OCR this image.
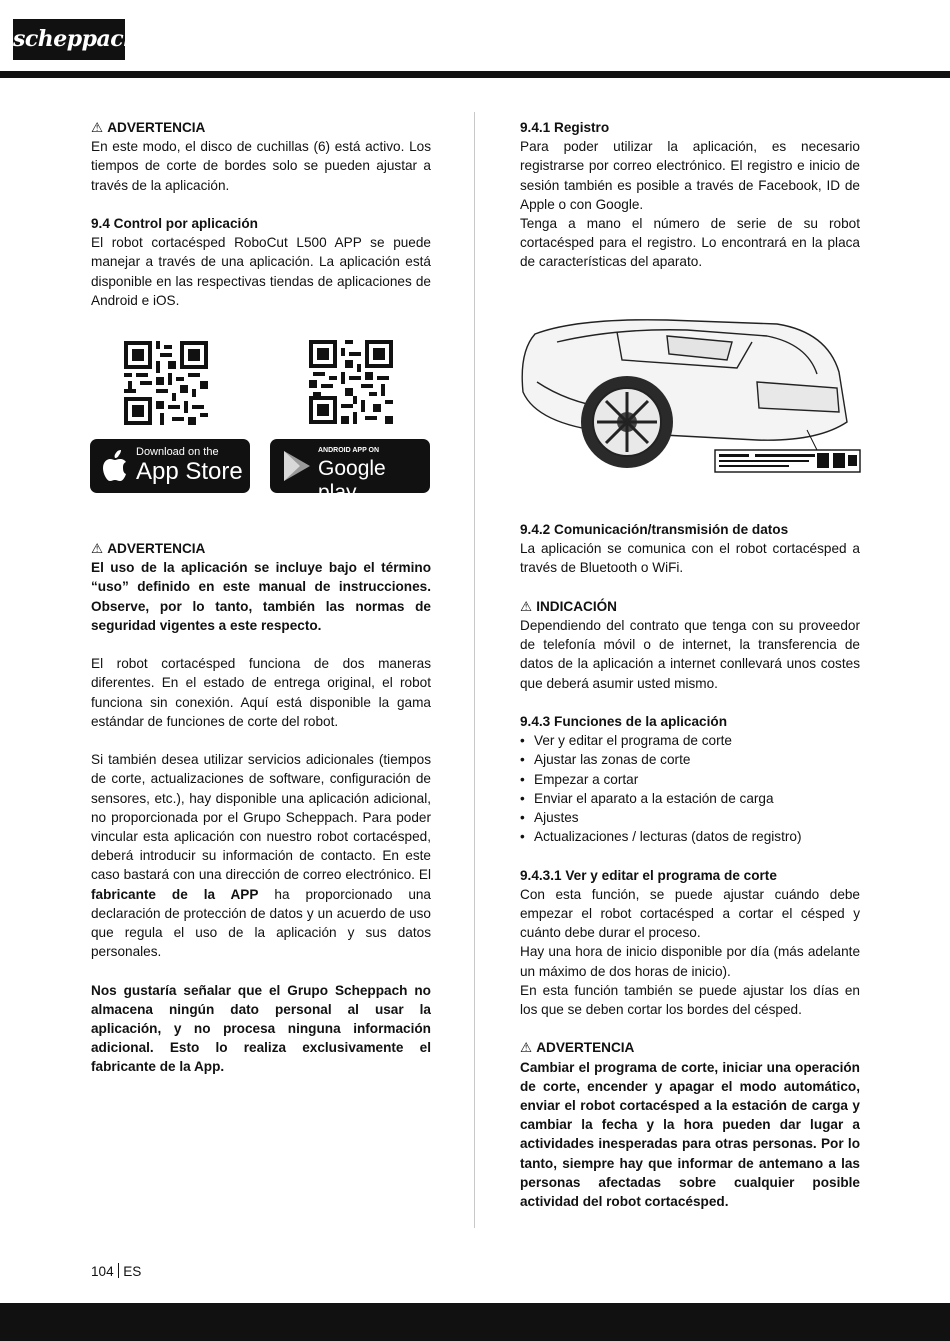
scheppach

⚠ ADVERTENCIA

En este modo, el disco de cuchillas (6) está activo. Los tiempos de corte de bordes solo se pueden ajustar a través de la aplicación.

9.4 Control por aplicación

El robot cortacésped RoboCut L500 APP se puede manejar a través de una aplicación. La aplicación está disponible en las respectivas tiendas de aplicaciones de Android e iOS.

Download on the
App Store
ANDROID APP ON
Google play

⚠ ADVERTENCIA

El uso de la aplicación se incluye bajo el término “uso” definido en este manual de instrucciones. Observe, por lo tanto, también las normas de seguridad vigentes a este respecto.

El robot cortacésped funciona de dos maneras diferentes. En el estado de entrega original, el robot funciona sin conexión. Aquí está disponible la gama estándar de funciones de corte del robot.

Si también desea utilizar servicios adicionales (tiempos de corte, actualizaciones de software, configuración de sensores, etc.), hay disponible una aplicación adicional, no proporcionada por el Grupo Scheppach. Para poder vincular esta aplicación con nuestro robot cortacésped, deberá introducir su información de contacto. En este caso bastará con una dirección de correo electrónico. El fabricante de la APP ha proporcionado una declaración de protección de datos y un acuerdo de uso que regula el uso de la aplicación y sus datos personales.

Nos gustaría señalar que el Grupo Scheppach no almacena ningún dato personal al usar la aplicación, y no procesa ninguna información adicional. Esto lo realiza exclusivamente el fabricante de la App.

9.4.1 Registro

Para poder utilizar la aplicación, es necesario registrarse por correo electrónico. El registro e inicio de sesión también es posible a través de Facebook, ID de Apple o con Google.

Tenga a mano el número de serie de su robot cortacésped para el registro. Lo encontrará en la placa de características del aparato.

9.4.2 Comunicación/transmisión de datos

La aplicación se comunica con el robot cortacésped a través de Bluetooth o WiFi.

⚠ INDICACIÓN

Dependiendo del contrato que tenga con su proveedor de telefonía móvil o de internet, la transferencia de datos de la aplicación a internet conllevará unos costes que deberá asumir usted mismo.

9.4.3 Funciones de la aplicación

• Ver y editar el programa de corte
• Ajustar las zonas de corte
• Empezar a cortar
• Enviar el aparato a la estación de carga
• Ajustes
• Actualizaciones / lecturas (datos de registro)

9.4.3.1 Ver y editar el programa de corte

Con esta función, se puede ajustar cuándo debe empezar el robot cortacésped a cortar el césped y cuánto debe durar el proceso.

Hay una hora de inicio disponible por día (más adelante un máximo de dos horas de inicio).

En esta función también se puede ajustar los días en los que se deben cortar los bordes del césped.

⚠ ADVERTENCIA

Cambiar el programa de corte, iniciar una operación de corte, encender y apagar el modo automático, enviar el robot cortacésped a la estación de carga y cambiar la fecha y la hora pueden dar lugar a actividades inesperadas para otras personas. Por lo tanto, siempre hay que informar de antemano a las personas afectadas sobre cualquier posible actividad del robot cortacésped.

104 ES
